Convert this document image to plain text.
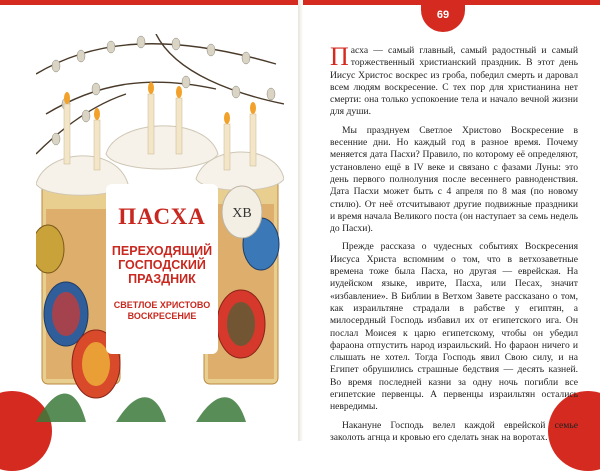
69
ХВ
ПАСХА
ПЕРЕХОДЯЩИЙ ГОСПОДСКИЙ ПРАЗДНИК
СВЕТЛОЕ ХРИСТОВО ВОСКРЕСЕНИЕ

Пасха — самый главный, самый радостный и самый торжественный христианский праздник. В этот день Иисус Христос воскрес из гроба, победил смерть и даровал всем людям воскресение. С тех пор для христианина нет смерти: она только успокоение тела и начало вечной жизни для души.

Мы празднуем Светлое Христово Воскресение в весенние дни. Но каждый год в разное время. Почему меняется дата Пасхи? Правило, по которому её определяют, установлено ещё в IV веке и связано с фазами Луны: это день первого полнолуния после весеннего равноденствия. Дата Пасхи может быть с 4 апреля по 8 мая (по новому стилю). От неё отсчитывают другие подвижные праздники и время начала Великого поста (он наступает за семь недель до Пасхи).

Прежде рассказа о чудесных событиях Воскресения Иисуса Христа вспомним о том, что в ветхозаветные времена тоже была Пасха, но другая — еврейская. На иудейском языке, иврите, Пасха, или Песах, значит «избавление». В Библии в Ветхом Завете рассказано о том, как израильтяне страдали в рабстве у египтян, а милосердный Господь избавил их от египетского ига. Он послал Моисея к царю египетскому, чтобы он убедил фараона отпустить народ израильский. Но фараон ничего и слышать не хотел. Тогда Господь явил Свою силу, и на Египет обрушились страшные бедствия — десять казней. Во время последней казни за одну ночь погибли все египетские первенцы. А первенцы израильтян остались невредимы.

Накануне Господь велел каждой еврейской семье заколоть агнца и кровью его сделать знак на воротах.
